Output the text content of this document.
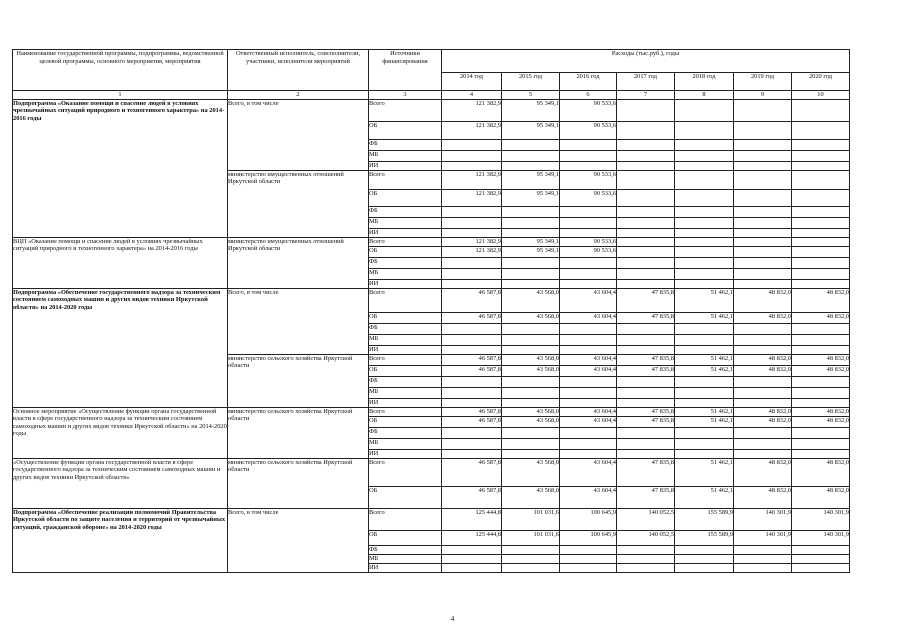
Наименование государственной программы, подпрограммы, ведомственной целевой программы, основного мероприятия, мероприятия	Ответственный исполнитель, соисполнители, участники, исполнители мероприятий	Источники финансирования	Расходы (тыс.руб.), годы						
			2014 год	2015 год	2016 год	2017 год	2018 год	2019 год	2020 год
1	2	3	4	5	6	7	8	9	10
Подпрограмма «Оказание помощи и спасение людей в условиях чрезвычайных ситуаций природного и техногенного характера» на 2014-2016 годы	Всего, в том числе	Всего	121 382,9	95 349,1	90 533,6				
		ОБ	121 382,9	95 349,1	90 533,6				
		ФБ							
		МБ							
		ИИ							
	министерство имущественных отношений Иркутской области	Всего	121 382,9	95 349,1	90 533,6				
		ОБ	121 382,9	95 349,1	90 533,6				
		ФБ							
		МБ							
		ИИ							
ВЦП «Оказание помощи и спасение людей в условиях чрезвычайных ситуаций природного и техногенного характера» на 2014-2016 годы	министерство имущественных отношений Иркутской области	Всего	121 382,9	95 349,1	90 533,6				
		ОБ	121 382,9	95 349,1	90 533,6				
		ФБ							
		МБ							
		ИИ							
Подпрограмма «Обеспечение государственного надзора за техническим состоянием самоходных машин и других видов техники Иркутской области» на 2014-2020 годы	Всего, в том числе	Всего	46 587,8	43 568,0	43 604,4	47 835,8	51 462,1	48 832,0	48 832,0
		ОБ	46 587,8	43 568,0	43 604,4	47 835,8	51 462,1	48 832,0	48 832,0
		ФБ							
		МБ							
		ИИ							
	министерство сельского хозяйства Иркутской области	Всего	46 587,8	43 568,0	43 604,4	47 835,8	51 462,1	48 832,0	48 832,0
		ОБ	46 587,8	43 568,0	43 604,4	47 835,8	51 462,1	48 832,0	48 832,0
		ФБ							
		МБ							
		ИИ							
Основное мероприятие «Осуществление функции органа государственной власти в сфере государственного надзора за техническим состоянием самоходных машин и других видов техники Иркутской области» на 2014-2020 годы	министерство сельского хозяйства Иркутской области	Всего	46 587,8	43 568,0	43 604,4	47 835,8	51 462,1	48 832,0	48 832,0
		ОБ	46 587,8	43 568,0	43 604,4	47 835,8	51 462,1	48 832,0	48 832,0
		ФБ							
		МБ							
		ИИ							
«Осуществление функции органа государственной власти в сфере государственного надзора за техническим состоянием самоходных машин и других видов техники Иркутской области»	министерство сельского хозяйства Иркутской области	Всего	46 587,8	43 568,0	43 604,4	47 835,8	51 462,1	48 832,0	48 832,0
		ОБ	46 587,8	43 568,0	43 604,4	47 835,8	51 462,1	48 832,0	48 832,0
Подпрограмма «Обеспечение реализации полномочий Правительства Иркутской области по защите населения и территорий от чрезвычайных ситуаций, гражданской обороне» на 2014-2020 годы	Всего, в том числе	Всего	125 444,8	101 031,6	100 645,9	140 052,5	155 589,9	140 301,9	140 301,9
		ОБ	125 444,8	101 031,6	100 645,9	140 052,5	155 589,9	140 301,9	140 301,9
		ФБ							
		МБ							
		ИИ							
4
